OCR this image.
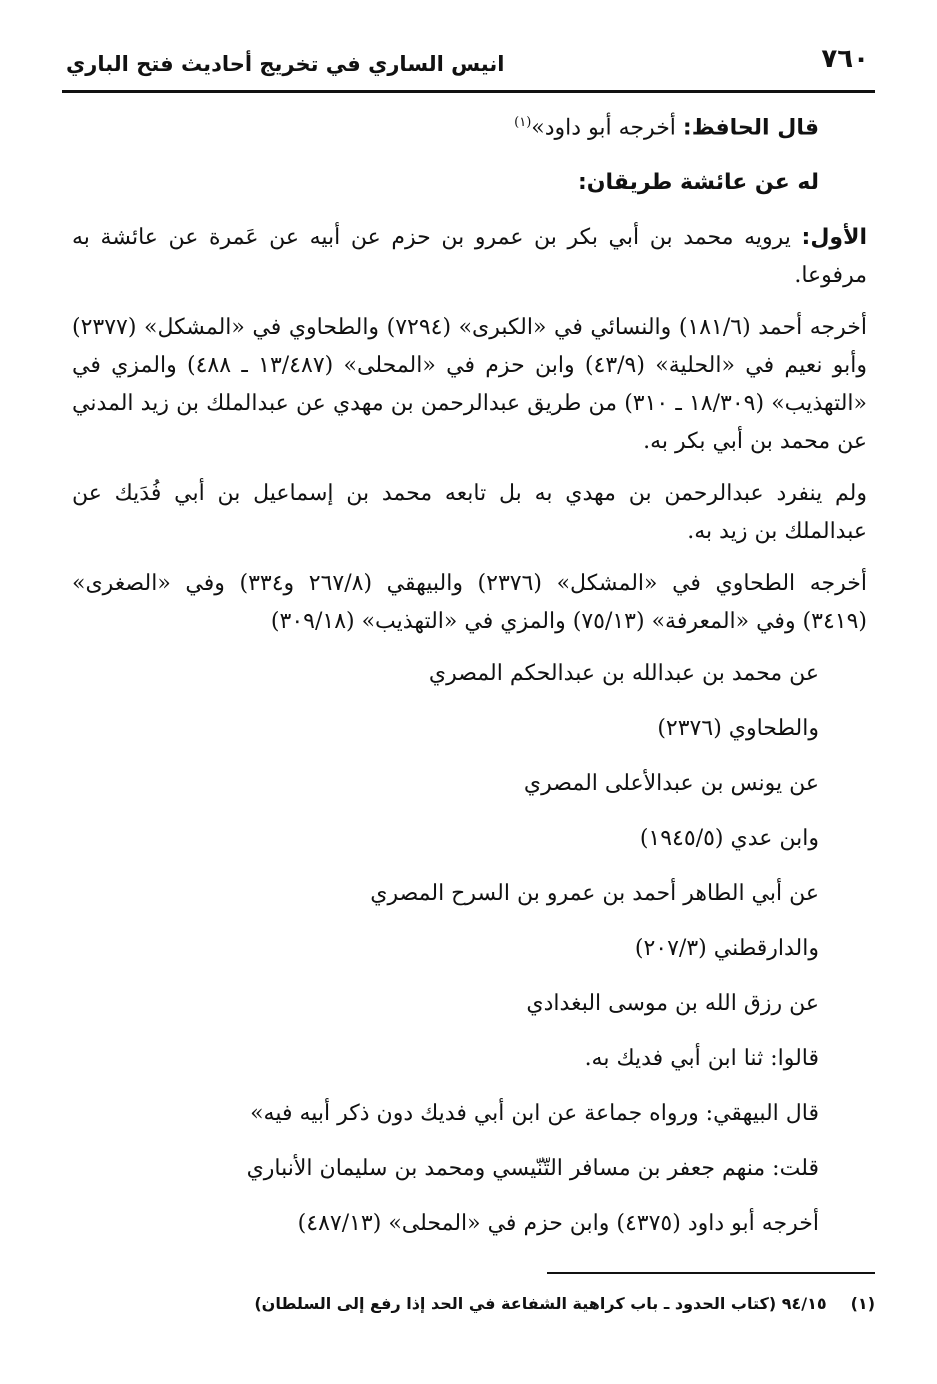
٧٦٠
انيس الساري في تخريج أحاديث فتح الباري

قال الحافظ: أخرجه أبو داود»$^{(١)}$

له عن عائشة طريقان:

الأول: يرويه محمد بن أبي بكر بن عمرو بن حزم عن أبيه عن عَمرة عن عائشة به مرفوعا.

أخرجه أحمد (١٨١/٦) والنسائي في «الكبرى» (٧٢٩٤) والطحاوي في «المشكل» (٢٣٧٧) وأبو نعيم في «الحلية» (٤٣/٩) وابن حزم في «المحلى» (١٣/٤٨٧ ـ ٤٨٨) والمزي في «التهذيب» (١٨/٣٠٩ ـ ٣١٠) من طريق عبدالرحمن بن مهدي عن عبدالملك بن زيد المدني عن محمد بن أبي بكر به.

ولم ينفرد عبدالرحمن بن مهدي به بل تابعه محمد بن إسماعيل بن أبي فُدَيك عن عبدالملك بن زيد به.

أخرجه الطحاوي في «المشكل» (٢٣٧٦) والبيهقي (٢٦٧/٨ و٣٣٤) وفي «الصغرى» (٣٤١٩) وفي «المعرفة» (٧٥/١٣) والمزي في «التهذيب» (٣٠٩/١٨)

عن محمد بن عبدالله بن عبدالحكم المصري

والطحاوي (٢٣٧٦)

عن يونس بن عبدالأعلى المصري

وابن عدي (١٩٤٥/٥)

عن أبي الطاهر أحمد بن عمرو بن السرح المصري

والدارقطني (٢٠٧/٣)

عن رزق الله بن موسى البغدادي

قالوا: ثنا ابن أبي فديك به.

قال البيهقي: ورواه جماعة عن ابن أبي فديك دون ذكر أبيه فيه»

قلت: منهم جعفر بن مسافر التّنّيسي ومحمد بن سليمان الأنباري

أخرجه أبو داود (٤٣٧٥) وابن حزم في «المحلى» (٤٨٧/١٣)

(١)٩٤/١٥ (كتاب الحدود ـ باب كراهية الشفاعة في الحد إذا رفع إلى السلطان)
